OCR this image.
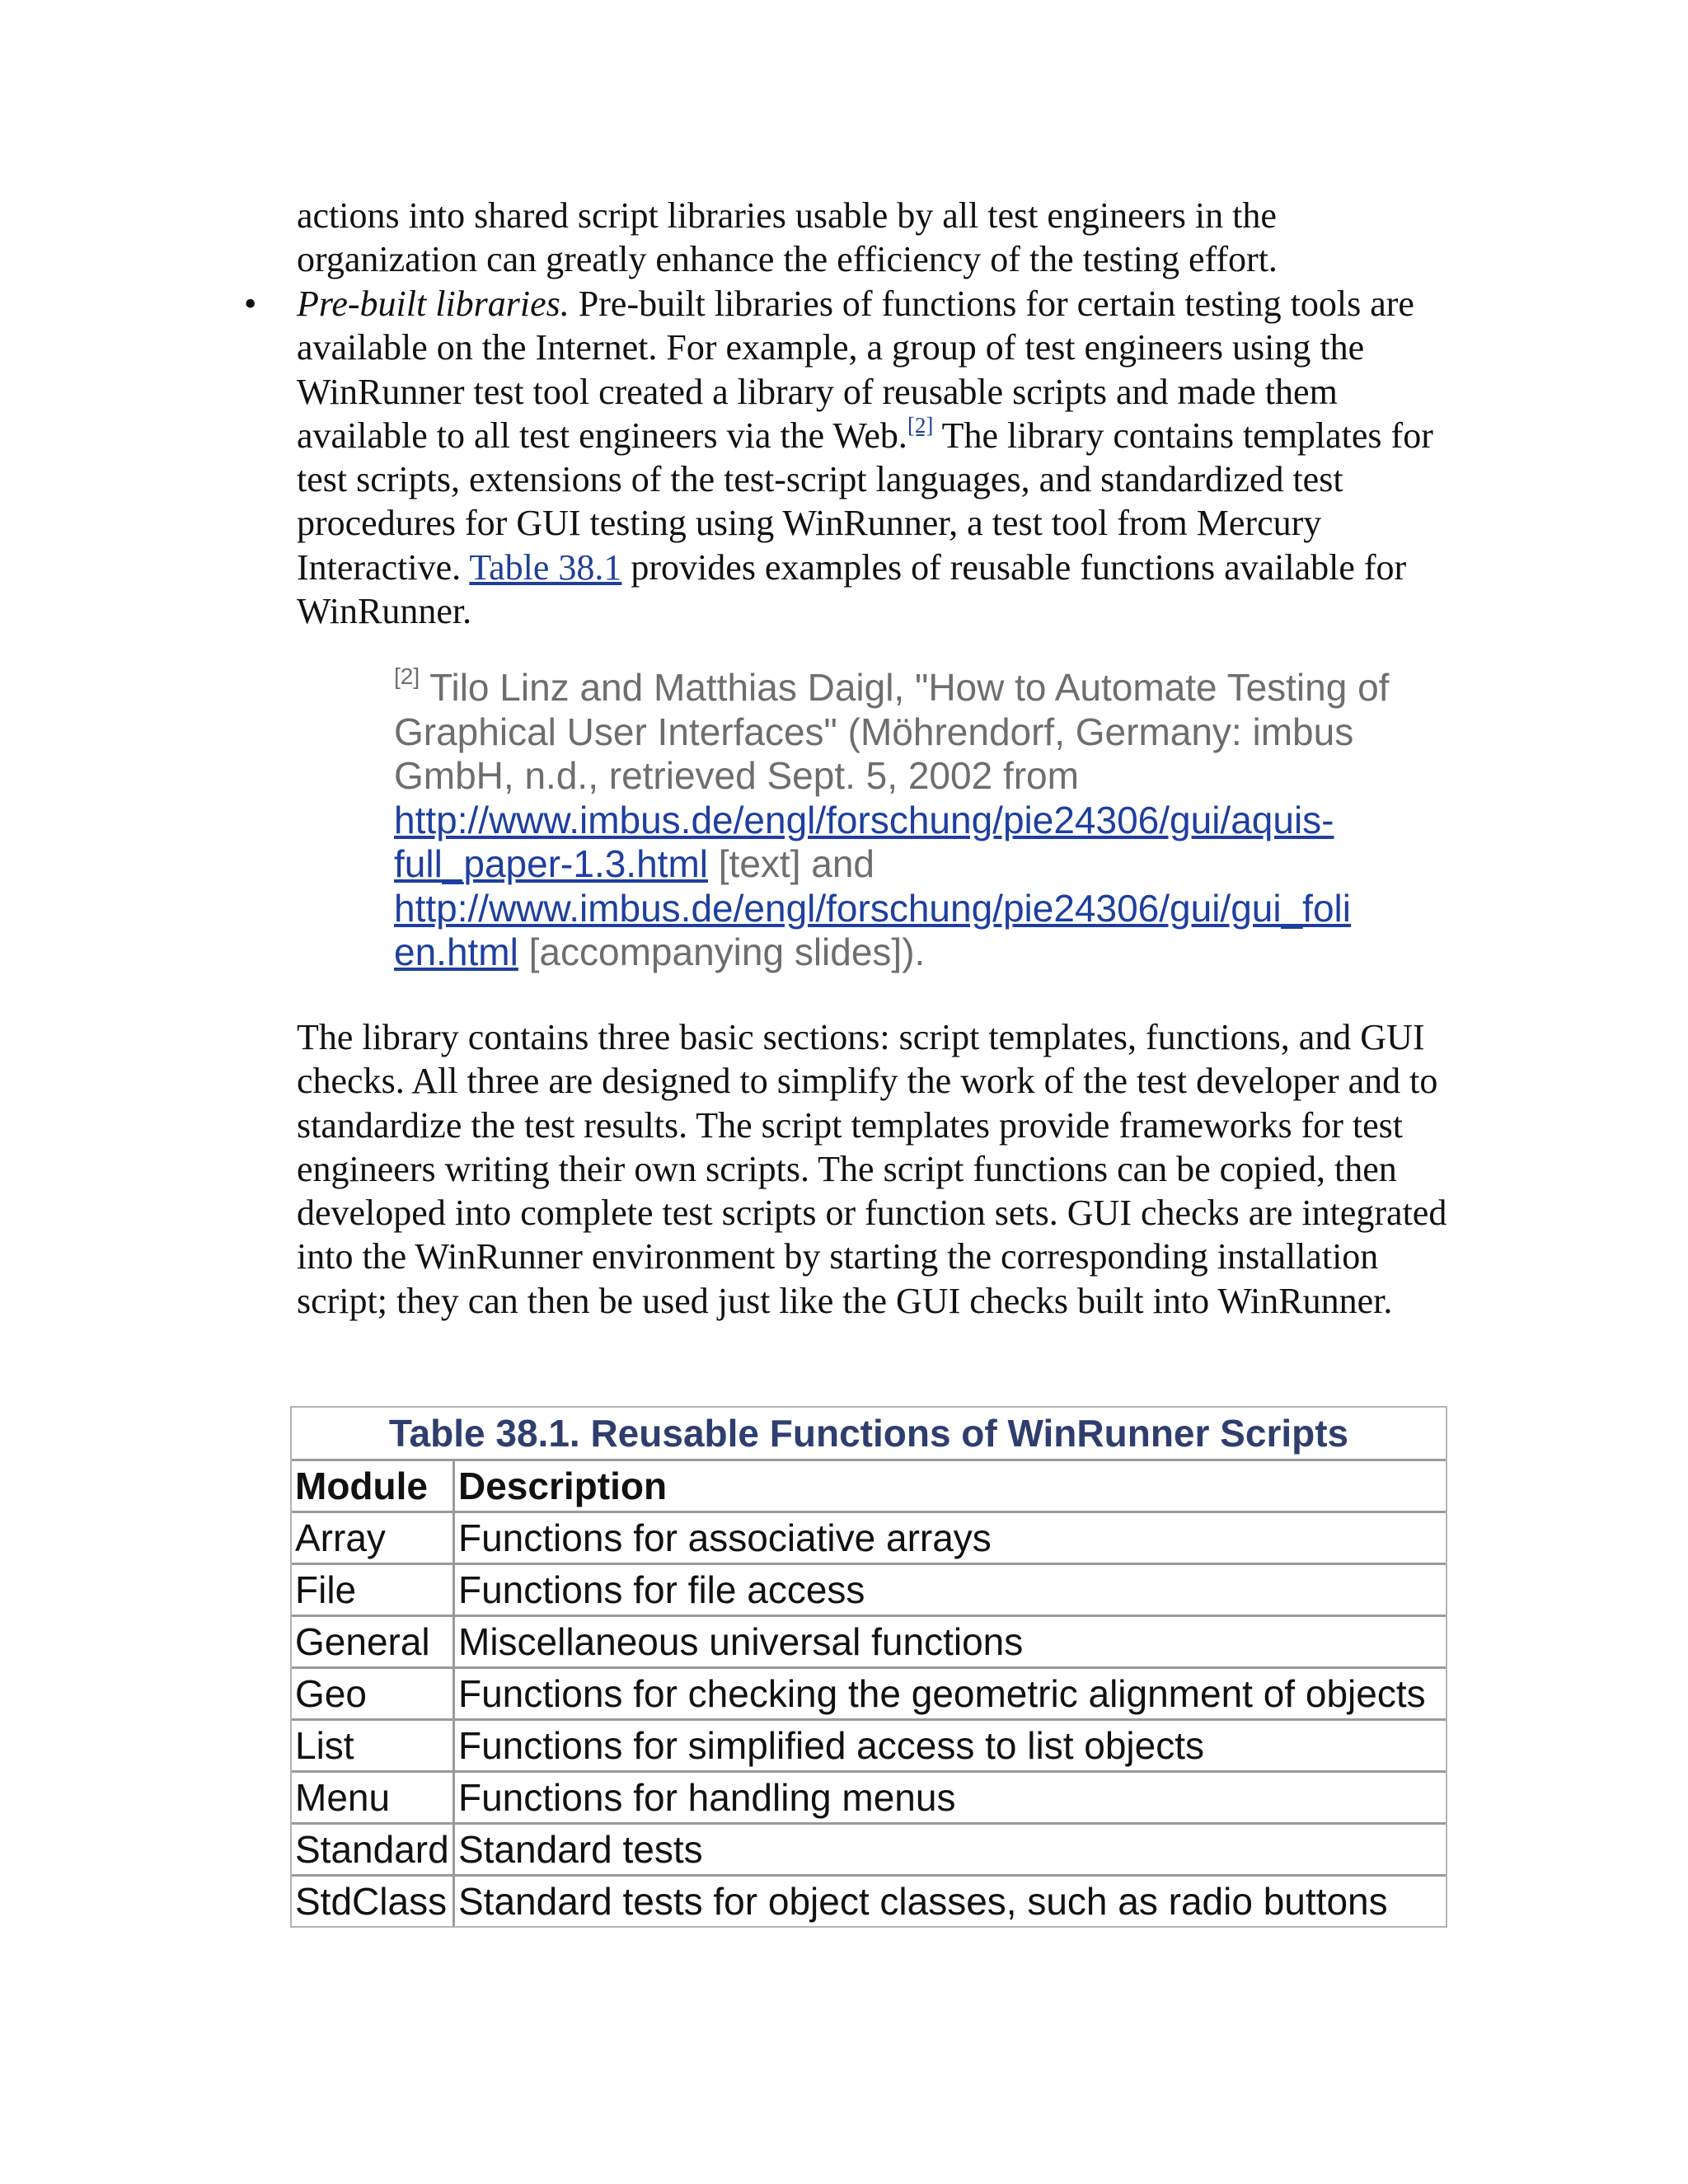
actions into shared script libraries usable by all test engineers in the
organization can greatly enhance the efficiency of the testing effort.

• Pre-built libraries. Pre-built libraries of functions for certain testing tools are available on the Internet. For example, a group of test engineers using the WinRunner test tool created a library of reusable scripts and made them available to all test engineers via the Web.[2] The library contains templates for test scripts, extensions of the test-script languages, and standardized test procedures for GUI testing using WinRunner, a test tool from Mercury Interactive. Table 38.1 provides examples of reusable functions available for WinRunner.

[2] Tilo Linz and Matthias Daigl, "How to Automate Testing of Graphical User Interfaces" (Möhrendorf, Germany: imbus GmbH, n.d., retrieved Sept. 5, 2002 from http://www.imbus.de/engl/forschung/pie24306/gui/aquis-
full_paper-1.3.html [text] and
http://www.imbus.de/engl/forschung/pie24306/gui/gui_foli
en.html [accompanying slides]).

The library contains three basic sections: script templates, functions, and GUI checks. All three are designed to simplify the work of the test developer and to standardize the test results. The script templates provide frameworks for test engineers writing their own scripts. The script functions can be copied, then developed into complete test scripts or function sets. GUI checks are integrated into the WinRunner environment by starting the corresponding installation script; they can then be used just like the GUI checks built into WinRunner.

Table 38.1. Reusable Functions of WinRunner Scripts
Module	Description
Array	Functions for associative arrays
File	Functions for file access
General	Miscellaneous universal functions
Geo	Functions for checking the geometric alignment of objects
List	Functions for simplified access to list objects
Menu	Functions for handling menus
Standard	Standard tests
StdClass	Standard tests for object classes, such as radio buttons
